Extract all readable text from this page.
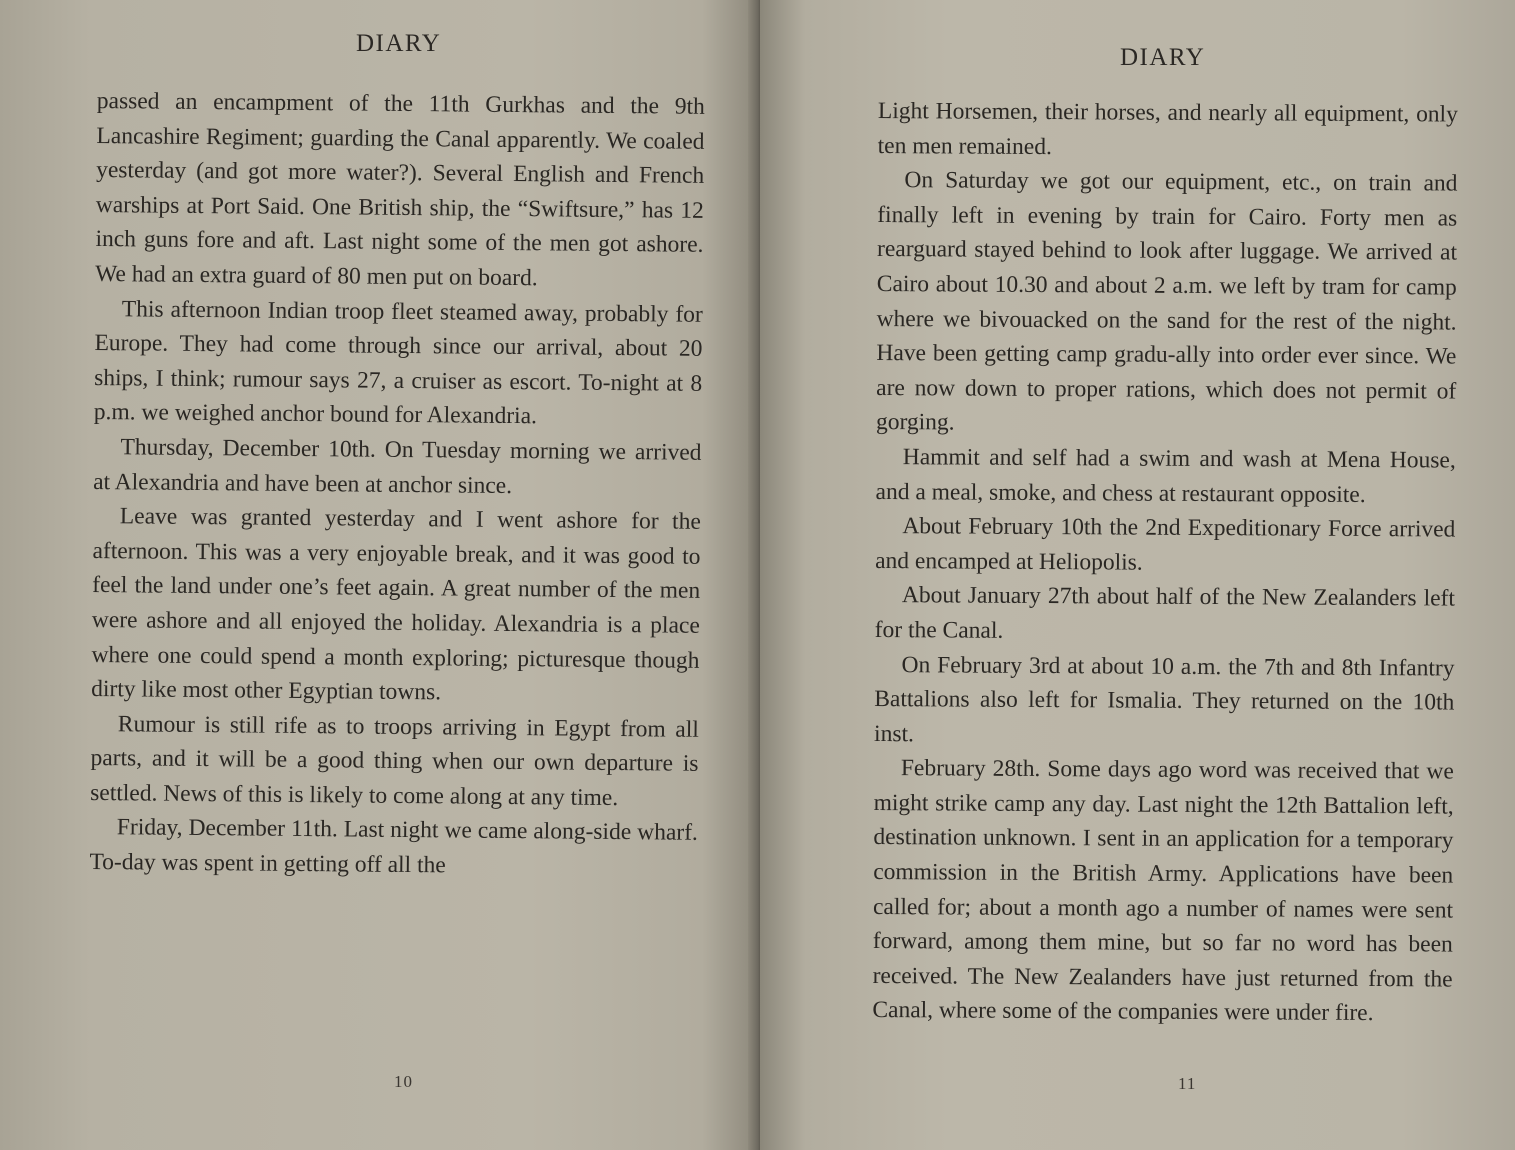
DIARY

passed an encampment of the 11th Gurkhas and the 9th Lancashire Regiment; guarding the Canal apparently. We coaled yesterday (and got more water?). Several English and French warships at Port Said. One British ship, the “Swiftsure,” has 12 inch guns fore and aft. Last night some of the men got ashore. We had an extra guard of 80 men put on board.

This afternoon Indian troop fleet steamed away, probably for Europe. They had come through since our arrival, about 20 ships, I think; rumour says 27, a cruiser as escort. To-night at 8 p.m. we weighed anchor bound for Alexandria.

Thursday, December 10th. On Tuesday morning we arrived at Alexandria and have been at anchor since.

Leave was granted yesterday and I went ashore for the afternoon. This was a very enjoyable break, and it was good to feel the land under one’s feet again. A great number of the men were ashore and all enjoyed the holiday. Alexandria is a place where one could spend a month exploring; picturesque though dirty like most other Egyptian towns.

Rumour is still rife as to troops arriving in Egypt from all parts, and it will be a good thing when our own departure is settled. News of this is likely to come along at any time.

Friday, December 11th. Last night we came along-side wharf. To-day was spent in getting off all the

10
DIARY

Light Horsemen, their horses, and nearly all equipment, only ten men remained.

On Saturday we got our equipment, etc., on train and finally left in evening by train for Cairo. Forty men as rearguard stayed behind to look after luggage. We arrived at Cairo about 10.30 and about 2 a.m. we left by tram for camp where we bivouacked on the sand for the rest of the night. Have been getting camp gradu-ally into order ever since. We are now down to proper rations, which does not permit of gorging.

Hammit and self had a swim and wash at Mena House, and a meal, smoke, and chess at restaurant opposite.

About February 10th the 2nd Expeditionary Force arrived and encamped at Heliopolis.

About January 27th about half of the New Zealanders left for the Canal.

On February 3rd at about 10 a.m. the 7th and 8th Infantry Battalions also left for Ismalia. They returned on the 10th inst.

February 28th. Some days ago word was received that we might strike camp any day. Last night the 12th Battalion left, destination unknown. I sent in an application for a temporary commission in the British Army. Applications have been called for; about a month ago a number of names were sent forward, among them mine, but so far no word has been received. The New Zealanders have just returned from the Canal, where some of the companies were under fire.

11
